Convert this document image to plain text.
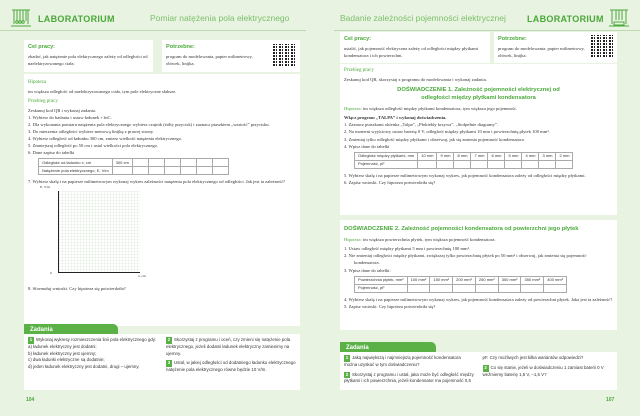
LABORATORIUM	Pomiar natężenia pola elektrycznego
Cel pracy:
zbadać, jak natężenie pola elektrycznego zależy od odległości od naelektryzowanego ciała.
Potrzebne:
program do modelowania, papier milimetrowy, ołówek, linijka.
Hipoteza
im większa odległość od naelektryzowanego ciała, tym pole elektryczne słabsze.
Przebieg pracy
Zeskanuj kod QR i wykonaj zadania.
1. Wybierz do badania i ustaw ładunek +1nC.
2. Dla wykonania pomiaru natężenia pola elektrycznego wybierz czujnik (żółty przycisk) i zaznacz ptaszkiem „wartość” przycisku.
3. Do mierzenia odległości wybierz metrową linijkę z prawej strony.
4. Wybierz odległość od ładunku 300 cm, zmierz wielkość natężenia elektrycznego.
5. Zmniejszaj odległość po 50 cm i ustal wielkości pola elektrycznego.
6. Dane zapisz do tabelki
Odległość od ładunku x, cm	300 cm						
Natężenie pola elektrycznego, E, V/m							
7. Wybierz skalę i na papierze milimetrowym wykonaj wykres zależności natężenia pola elektrycznego od odległości. Jak jest ta zależność?
E, V/m
0
x, cm
8. Sformułuj wnioski. Czy hipoteza się potwierdziła?
Zadania
1 Wykonaj wykresy rozmieszczenia linii pola elektrycznego gdy:
a) ładunek elektryczny jest dodatni;
b) ładunek elektryczny jest ujemny;
c) dwa ładunki elektryczne są dodatnie;
d) jeden ładunek elektryczny jest dodatni, drugi – ujemny.
2 Skorzystaj z programu i oceń, czy zmieni się natężenie pola elektrycznego, jeżeli dodatni ładunek elektryczny zamienimy na ujemny.
3 Ustal, w jakiej odległości od dodatniego ładunku elektrycznego natężenie pola elektrycznego równe będzie 10 V/m.
104
Badanie zależności pojemności elektrycznej LABORATORIUM
Cel pracy:
ustalić, jak pojemność elektryczna zależy od odległości między płytkami kondensatora i ich powierzchni.
Potrzebne:
program do modelowania, papier milimetrowy, ołówek, linijka.
Przebieg pracy
Zeskanuj kod QR, skorzystaj z programu do modelowania i wykonaj zadania.
DOŚWIADCZENIE 1. Zależność pojemności elektrycznej od odległości między płytkami kondensatora
Hipoteza: im większa odległość między płytkami kondensatora, tym większa jego pojemność.
Włącz program „TALPA” i wykonaj doświadczenia.
1. Zaznacz ptaszkami okienka „Talpa”, „Płokiełdy krzywa”, „Stołpełnie diagramy”.
2. Na moment wyjściowy ustaw baterię 0 V, odległość między płytkami 10 mm i powierzchnię płytek 100 mm².
3. Zmieniaj tylko odległość między płytkami i obserwuj, jak się zmienia pojemność kondensatora.
4. Wpisz dane do tabelki
Odległość między płytkami, mm	10 mm	9 mm	8 mm	7 mm	6 mm	5 mm	4 mm	3 mm	2 mm
Pojemność, pF									
5. Wybierz skalę i na papierze milimetrowym wykonaj wykres, jak pojemność kondensatora zależy od odległości między płytkami.
6. Zapisz wnioski. Czy hipoteza potwierdziła się?
DOŚWIADCZENIE 2. Zależność pojemności kondensatora od powierzchni jego płytek
Hipoteza: im większa powierzchnia płytek, tym większa pojemność kondensatora.
1. Ustaw odległość między płytkami 5 mm i powierzchnię 100 mm².
2. Nie zmieniaj odległości między płytkami, zwiększaj tylko powierzchnię płytek po 50 mm² i obserwuj, jak zmienia się pojemność kondensatora.
3. Wpisz dane do tabelki:
Powierzchnia płytek, mm²	100 mm²	150 mm²	200 mm²	250 mm²	300 mm²	350 mm²	400 mm²
Pojemność, pF							
4. Wybierz skalę i na papierze milimetrowym wykonaj wykres, jak pojemność kondensatora zależy od powierzchni płytek. Jaka jest ta zależność?
5. Zapisz wnioski. Czy hipoteza potwierdziła się?
Zadania
1 Jaką największą i najmniejszą pojemność kondensatora można uzyskać w tym doświadczeniu?
2 Skorzystaj z programu i ustal, jaka może być odległość między płytkami i ich powierzchnia, jeżeli kondensator ma pojemność 0,5 pF. Czy możliwych jest kilka wariantów odpowiedzi?
3 Co się stanie, jeżeli w doświadczeniu 1 zamiast baterii 0 V weźmiemy baterię 1,5 V, –1,5 V?
107
